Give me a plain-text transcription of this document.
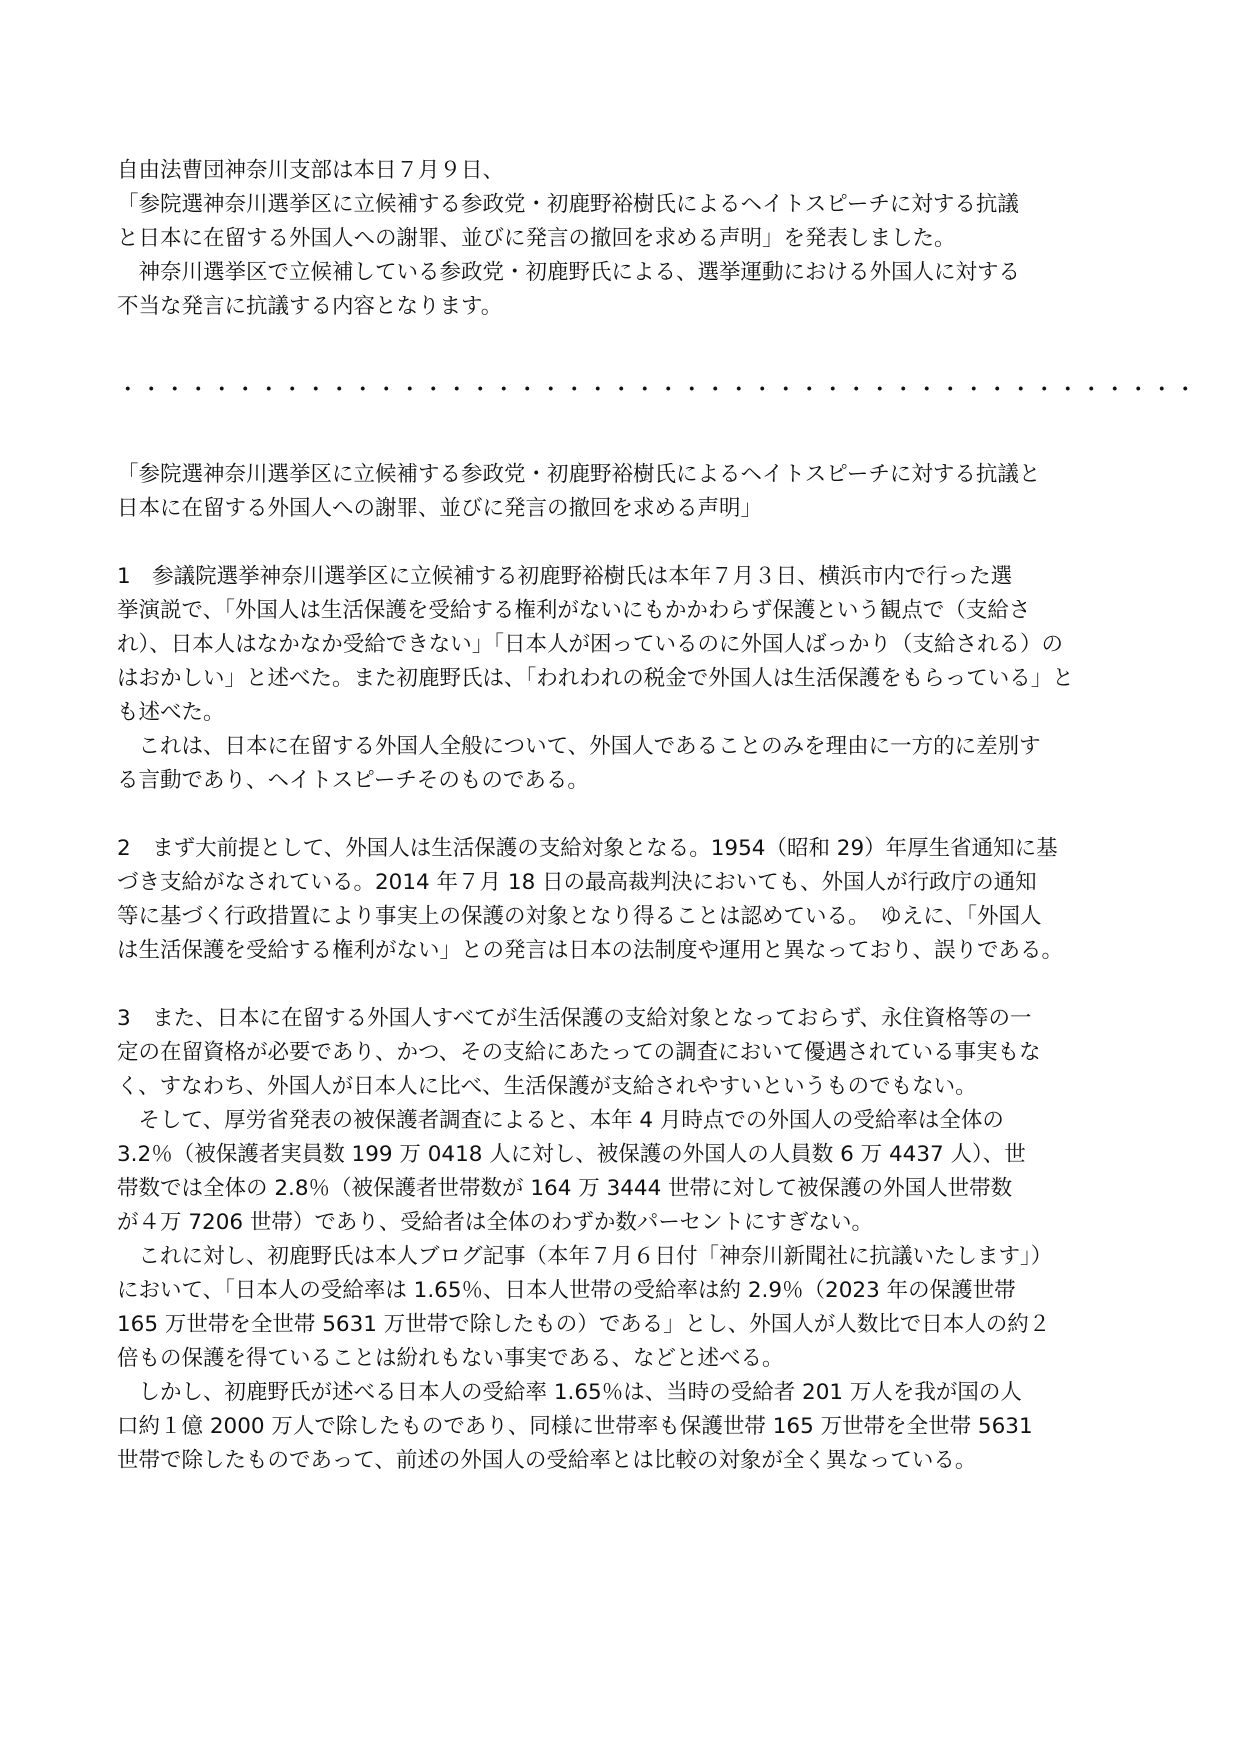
自由法曹団神奈川支部は本日７月９日、
「参院選神奈川選挙区に立候補する参政党・初鹿野裕樹氏によるヘイトスピーチに対する抗議
と日本に在留する外国人への謝罪、並びに発言の撤回を求める声明」を発表しました。
　神奈川選挙区で立候補している参政党・初鹿野氏による、選挙運動における外国人に対する
不当な発言に抗議する内容となります。
・・・・・・・・・・・・・・・・・・・・・・・・・・・・・・・・・・・・・・・・・・・・・・
「参院選神奈川選挙区に立候補する参政党・初鹿野裕樹氏によるヘイトスピーチに対する抗議と
日本に在留する外国人への謝罪、並びに発言の撤回を求める声明」
1　参議院選挙神奈川選挙区に立候補する初鹿野裕樹氏は本年７月３日、横浜市内で行った選
挙演説で、「外国人は生活保護を受給する権利がないにもかかわらず保護という観点で（支給さ
れ）、日本人はなかなか受給できない」「日本人が困っているのに外国人ばっかり（支給される）の
はおかしい」と述べた。また初鹿野氏は、「われわれの税金で外国人は生活保護をもらっている」と
も述べた。
　これは、日本に在留する外国人全般について、外国人であることのみを理由に一方的に差別す
る言動であり、ヘイトスピーチそのものである。
2　まず大前提として、外国人は生活保護の支給対象となる。1954（昭和 29）年厚生省通知に基
づき支給がなされている。2014 年７月 18 日の最高裁判決においても、外国人が行政庁の通知
等に基づく行政措置により事実上の保護の対象となり得ることは認めている。　ゆえに、「外国人
は生活保護を受給する権利がない」との発言は日本の法制度や運用と異なっており、誤りである。
3　また、日本に在留する外国人すべてが生活保護の支給対象となっておらず、永住資格等の一
定の在留資格が必要であり、かつ、その支給にあたっての調査において優遇されている事実もな
く、すなわち、外国人が日本人に比べ、生活保護が支給されやすいというものでもない。
　そして、厚労省発表の被保護者調査によると、本年 4 月時点での外国人の受給率は全体の
3.2％（被保護者実員数 199 万 0418 人に対し、被保護の外国人の人員数 6 万 4437 人）、世
帯数では全体の 2.8％（被保護者世帯数が 164 万 3444 世帯に対して被保護の外国人世帯数
が４万 7206 世帯）であり、受給者は全体のわずか数パーセントにすぎない。
　これに対し、初鹿野氏は本人ブログ記事（本年７月６日付「神奈川新聞社に抗議いたします」）
において、「日本人の受給率は 1.65％、日本人世帯の受給率は約 2.9％（2023 年の保護世帯
165 万世帯を全世帯 5631 万世帯で除したもの）である」とし、外国人が人数比で日本人の約２
倍もの保護を得ていることは紛れもない事実である、などと述べる。
　しかし、初鹿野氏が述べる日本人の受給率 1.65％は、当時の受給者 201 万人を我が国の人
口約１億 2000 万人で除したものであり、同様に世帯率も保護世帯 165 万世帯を全世帯 5631
世帯で除したものであって、前述の外国人の受給率とは比較の対象が全く異なっている。
